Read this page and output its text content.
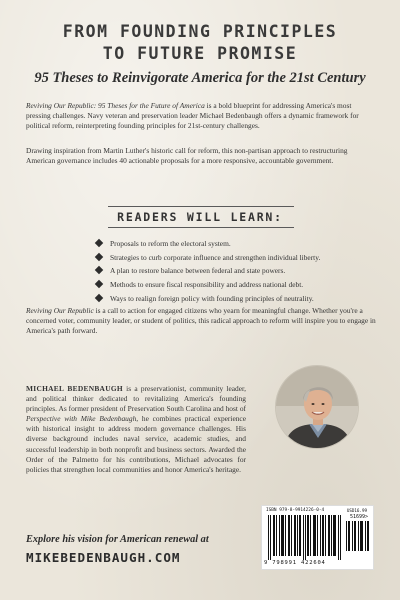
FROM FOUNDING PRINCIPLES
TO FUTURE PROMISE
95 Theses to Reinvigorate America for the 21st Century

Reviving Our Republic: 95 Theses for the Future of America is a bold blueprint for addressing America's most pressing challenges. Navy veteran and preservation leader Michael Bedenbaugh offers a dynamic framework for political reform, reinterpreting founding principles for 21st-century challenges.

Drawing inspiration from Martin Luther's historic call for reform, this non-partisan approach to restructuring American governance includes 40 actionable proposals for a more responsive, accountable government.

READERS WILL LEARN:
Proposals to reform the electoral system.
Strategies to curb corporate influence and strengthen individual liberty.
A plan to restore balance between federal and state powers.
Methods to ensure fiscal responsibility and address national debt.
Ways to realign foreign policy with founding principles of neutrality.

Reviving Our Republic is a call to action for engaged citizens who yearn for meaningful change. Whether you're a concerned voter, community leader, or student of politics, this radical approach to reform will inspire you to engage in America's path forward.

MICHAEL BEDENBAUGH is a preservationist, community leader, and political thinker dedicated to revitalizing America's founding principles. As former president of Preservation South Carolina and host of Perspective with Mike Bedenbaugh, he combines practical experience with historical insight to address modern governance challenges. His diverse background includes naval service, academic studies, and successful leadership in both nonprofit and business sectors. Awarded the Order of the Palmetto for his contributions, Michael advocates for policies that strengthen local communities and honor America's heritage.

ISBN 979-8-9914226-0-4	USD16.99
51699>
9 798991 422604
Explore his vision for American renewal at
MIKEBEDENBAUGH.COM
